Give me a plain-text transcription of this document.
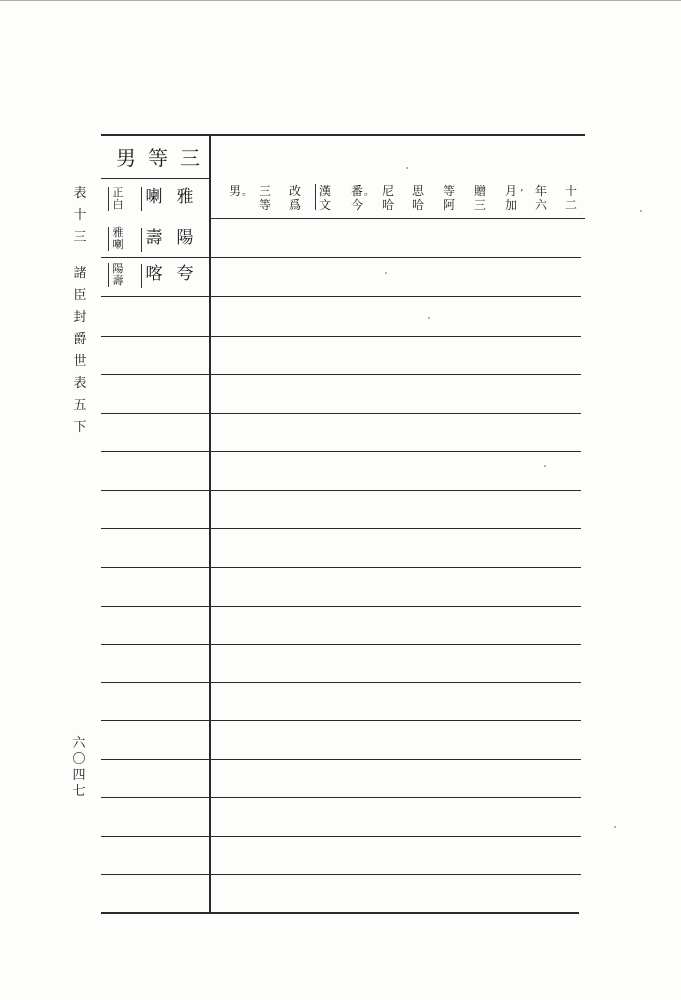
表
十
三
諸
臣
封
爵
世
表
五
下
六
〇
四
七
男 等 三
雅
喇
正
白
陽
壽
雅
喇
夸
喀
陽
壽
十
二
年
六
月
加
,
贈
三
等
阿
思
哈
尼
哈
番
今
。
漢
文
改
爲
三
等
男 。
